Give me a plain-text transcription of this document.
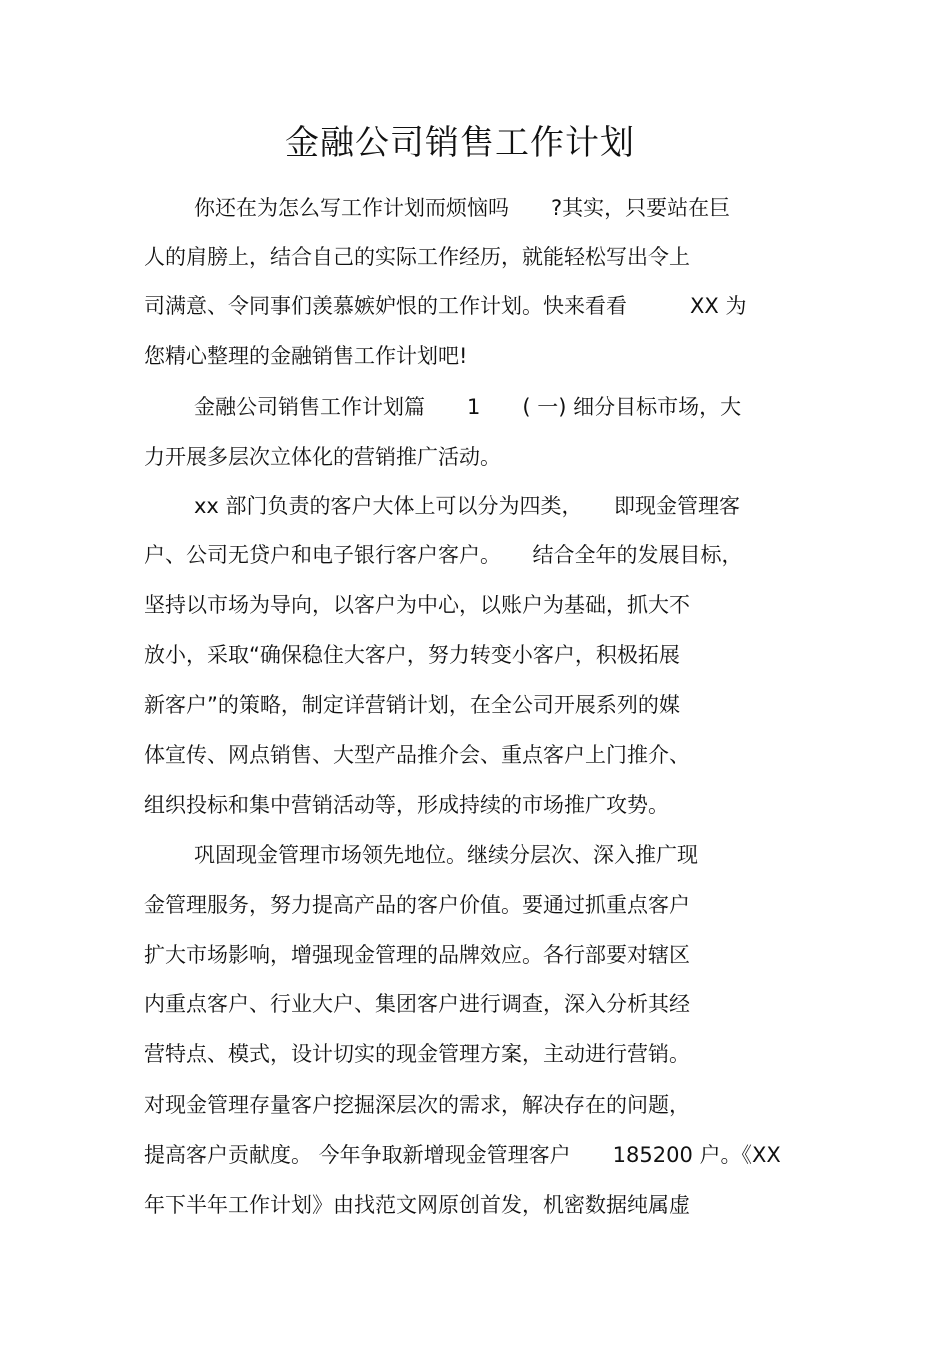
金融公司销售工作计划

你还在为怎么写工作计划而烦恼吗　　?其实，只要站在巨

人的肩膀上，结合自己的实际工作经历，就能轻松写出令上

司满意、令同事们羡慕嫉妒恨的工作计划。快来看看　　　XX 为

您精心整理的金融销售工作计划吧!

金融公司销售工作计划篇　　1　　( 一) 细分目标市场，大

力开展多层次立体化的营销推广活动。

xx 部门负责的客户大体上可以分为四类，　　即现金管理客

户、公司无贷户和电子银行客户客户。　　结合全年的发展目标，

坚持以市场为导向，以客户为中心，以账户为基础，抓大不

放小，采取“确保稳住大客户，努力转变小客户，积极拓展

新客户”的策略，制定详营销计划，在全公司开展系列的媒

体宣传、网点销售、大型产品推介会、重点客户上门推介、

组织投标和集中营销活动等，形成持续的市场推广攻势。

巩固现金管理市场领先地位。继续分层次、深入推广现

金管理服务，努力提高产品的客户价值。要通过抓重点客户

扩大市场影响，增强现金管理的品牌效应。各行部要对辖区

内重点客户、行业大户、集团客户进行调查，深入分析其经

营特点、模式，设计切实的现金管理方案，主动进行营销。

对现金管理存量客户挖掘深层次的需求，解决存在的问题，

提高客户贡献度。 今年争取新增现金管理客户　　185200 户。《XX

年下半年工作计划》由找范文网原创首发，机密数据纯属虚
